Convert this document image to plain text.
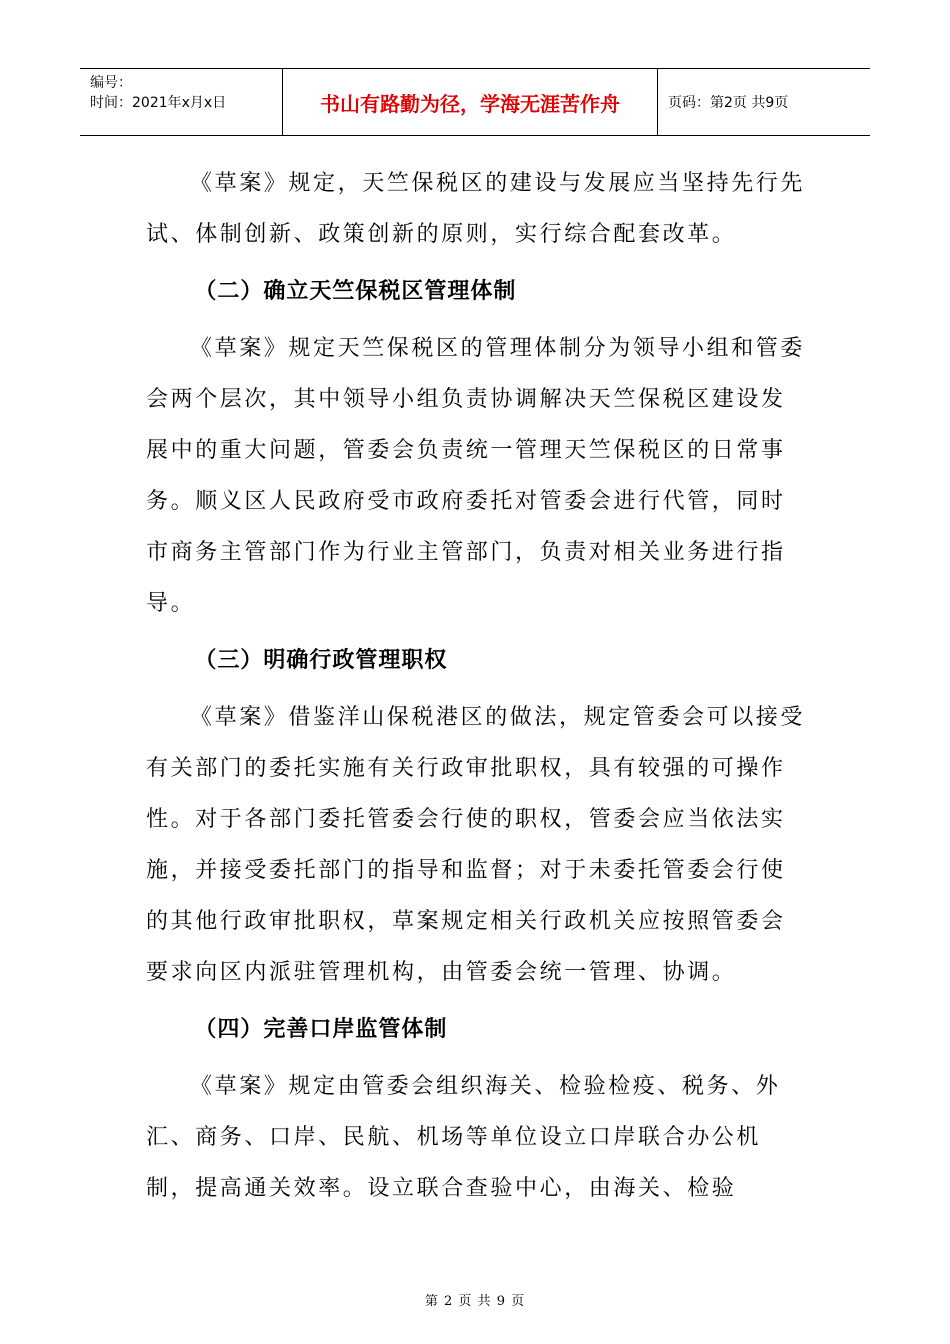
编号：
时间：2021年x月x日	书山有路勤为径，学海无涯苦作舟	页码：第2页 共9页

《草案》规定，天竺保税区的建设与发展应当坚持先行先试、体制创新、政策创新的原则，实行综合配套改革。

（二）确立天竺保税区管理体制

《草案》规定天竺保税区的管理体制分为领导小组和管委会两个层次，其中领导小组负责协调解决天竺保税区建设发展中的重大问题，管委会负责统一管理天竺保税区的日常事务。顺义区人民政府受市政府委托对管委会进行代管，同时市商务主管部门作为行业主管部门，负责对相关业务进行指导。

（三）明确行政管理职权

《草案》借鉴洋山保税港区的做法，规定管委会可以接受有关部门的委托实施有关行政审批职权，具有较强的可操作性。对于各部门委托管委会行使的职权，管委会应当依法实施，并接受委托部门的指导和监督；对于未委托管委会行使的其他行政审批职权，草案规定相关行政机关应按照管委会要求向区内派驻管理机构，由管委会统一管理、协调。

（四）完善口岸监管体制

《草案》规定由管委会组织海关、检验检疫、税务、外汇、商务、口岸、民航、机场等单位设立口岸联合办公机制，提高通关效率。设立联合查验中心，由海关、检验

第 2 页 共 9 页
